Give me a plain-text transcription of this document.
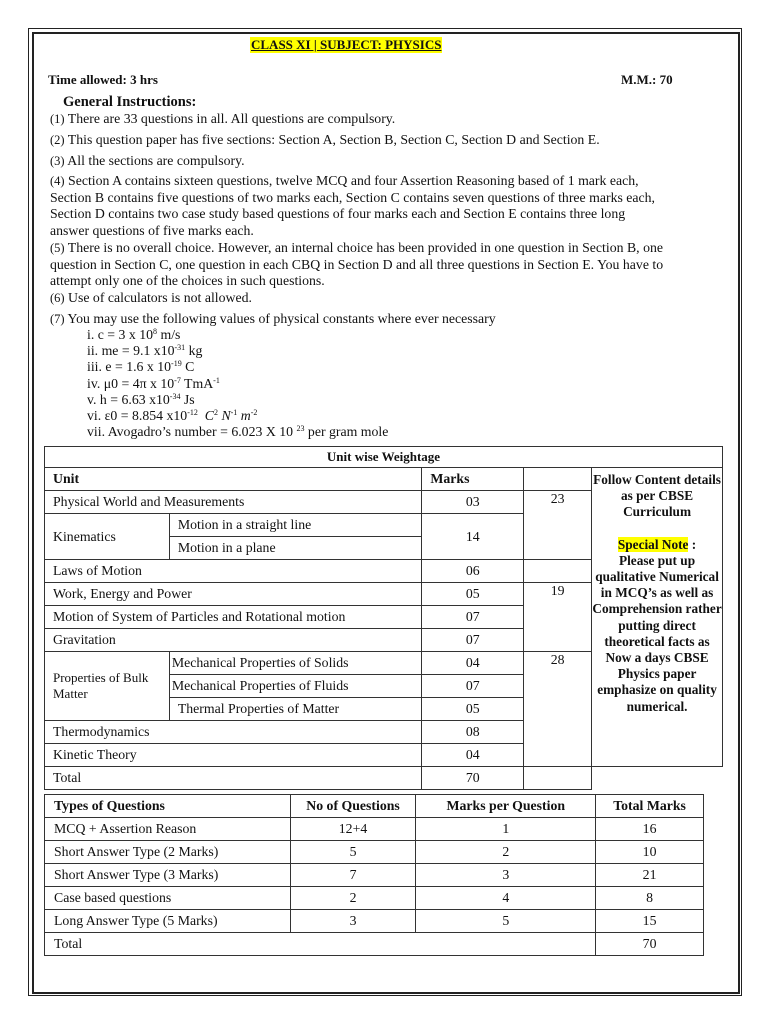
CLASS XI | SUBJECT: PHYSICS
Time allowed: 3 hrs	M.M.: 70
General Instructions:
(1) There are 33 questions in all. All questions are compulsory.
(2) This question paper has five sections: Section A, Section B, Section C, Section D and Section E.
(3) All the sections are compulsory.
(4) Section A contains sixteen questions, twelve MCQ and four Assertion Reasoning based of 1 mark each, Section B contains five questions of two marks each, Section C contains seven questions of three marks each, Section D contains two case study based questions of four marks each and Section E contains three long answer questions of five marks each.
(5) There is no overall choice. However, an internal choice has been provided in one question in Section B, one question in Section C, one question in each CBQ in Section D and all three questions in Section E. You have to attempt only one of the choices in such questions.
(6) Use of calculators is not allowed.
(7) You may use the following values of physical constants where ever necessary
i. c = 3 x $10^8$ m/s
ii. me = 9.1 $x10^{-31}$ kg
iii. e = 1.6 x $10^{-19}$ C
iv. μ0 = 4π x $10^{-7}$ TmA$^{-1}$
v. h = 6.63 $x10^{-34}$ Js
vi. ε0 = 8.854 $x10^{-12}$ $C^2$ $N^{-1}$ $m^{-2}$
vii. Avogadro’s number = 6.023 X 10 $^{23}$ per gram mole
Unit wise Weightage				
Unit		Marks		Follow Content details as per CBSE Curriculum
Special Note :
Please put up qualitative Numerical in MCQ’s as well as Comprehension rather putting direct theoretical facts as Now a days CBSE Physics paper emphasize on quality numerical.

Physical World and Measurements		03	23	
Kinematics	Motion in a straight line	14		
	Motion in a plane			
Laws of Motion		06		
Work, Energy and Power		05	19	
Motion of System of Particles and Rotational motion		07		
Gravitation		07		
Properties of Bulk Matter	Mechanical Properties of Solids	04	28	
	Mechanical Properties of Fluids	07		
	Thermal Properties of Matter	05		
Thermodynamics		08		
Kinetic Theory		04		
Total		70		
Types of Questions	No of Questions	Marks per Question	Total Marks
MCQ + Assertion Reason	12+4	1	16
Short Answer Type (2 Marks)	5	2	10
Short Answer Type (3 Marks)	7	3	21
Case based questions	2	4	8
Long Answer Type (5 Marks)	3	5	15
Total			70
